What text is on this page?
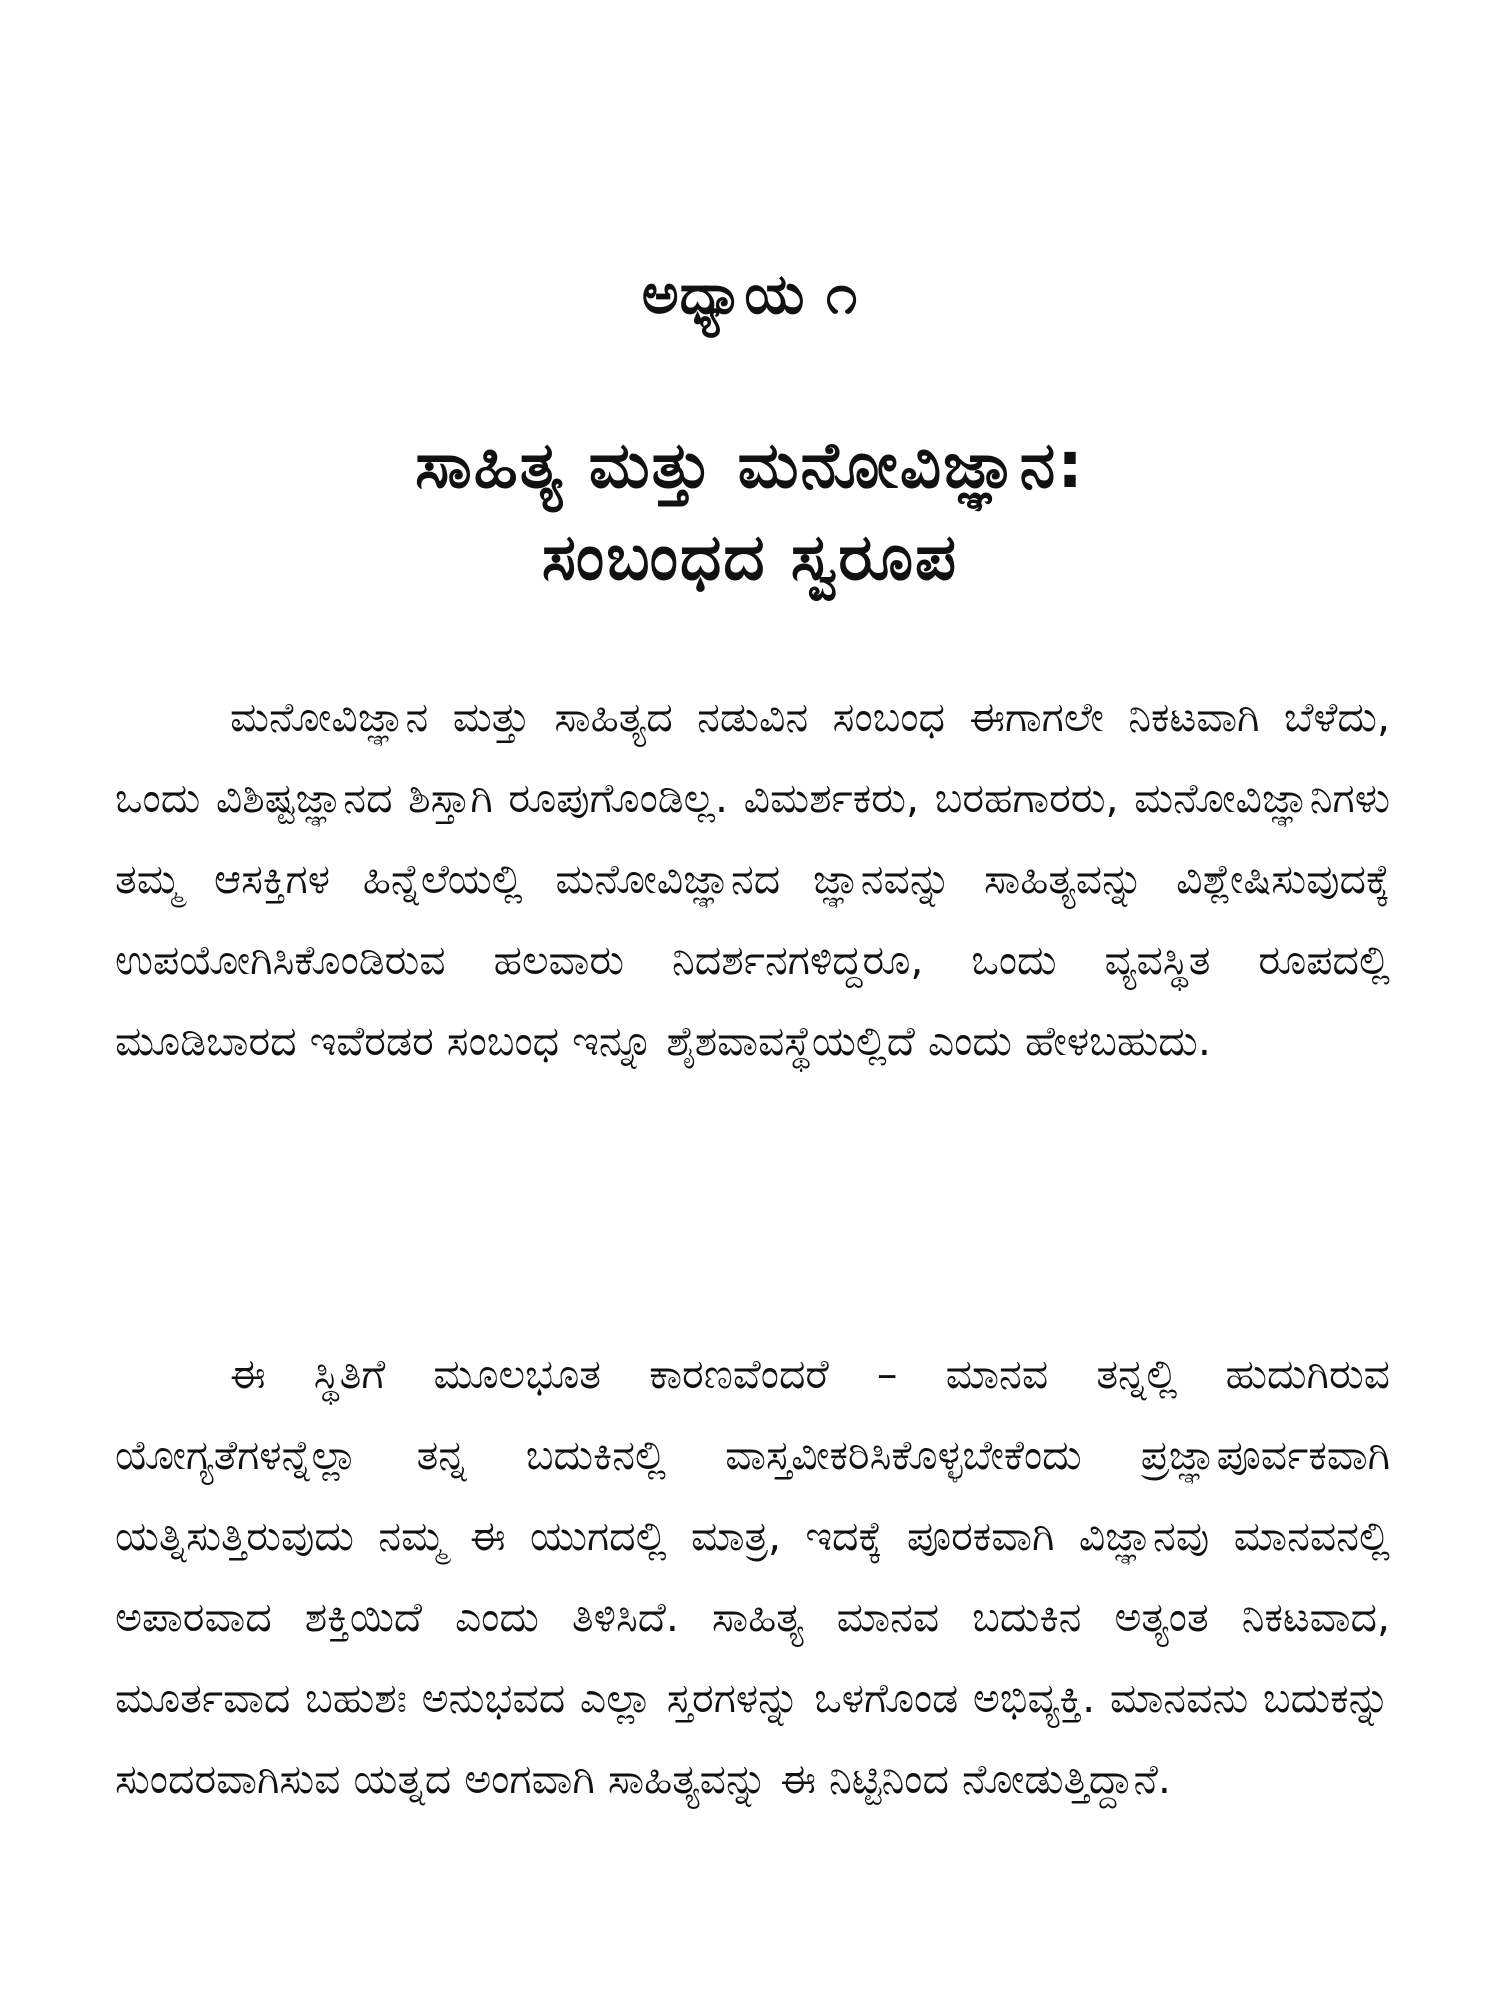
ಅಧ್ಯಾಯ ೧
ಸಾಹಿತ್ಯ ಮತ್ತು ಮನೋವಿಜ್ಞಾನ:
ಸಂಬಂಧದ ಸ್ವರೂಪ

ಮನೋವಿಜ್ಞಾನ ಮತ್ತು ಸಾಹಿತ್ಯದ ನಡುವಿನ ಸಂಬಂಧ ಈಗಾಗಲೇ ನಿಕಟವಾಗಿ ಬೆಳೆದು, ಒಂದು ವಿಶಿಷ್ಟಜ್ಞಾನದ ಶಿಸ್ತಾಗಿ ರೂಪುಗೊಂಡಿಲ್ಲ. ವಿಮರ್ಶಕರು, ಬರಹಗಾರರು, ಮನೋವಿಜ್ಞಾನಿಗಳು ತಮ್ಮ ಆಸಕ್ತಿಗಳ ಹಿನ್ನೆಲೆಯಲ್ಲಿ ಮನೋವಿಜ್ಞಾನದ ಜ್ಞಾನವನ್ನು ಸಾಹಿತ್ಯವನ್ನು ವಿಶ್ಲೇಷಿಸುವುದಕ್ಕೆ ಉಪಯೋಗಿಸಿಕೊಂಡಿರುವ ಹಲವಾರು ನಿದರ್ಶನಗಳಿದ್ದರೂ, ಒಂದು ವ್ಯವಸ್ಥಿತ ರೂಪದಲ್ಲಿ ಮೂಡಿಬಾರದ ಇವೆರಡರ ಸಂಬಂಧ ಇನ್ನೂ ಶೈಶವಾವಸ್ಥೆಯಲ್ಲಿದೆ ಎಂದು ಹೇಳಬಹುದು.

ಈ ಸ್ಥಿತಿಗೆ ಮೂಲಭೂತ ಕಾರಣವೆಂದರೆ – ಮಾನವ ತನ್ನಲ್ಲಿ ಹುದುಗಿರುವ ಯೋಗ್ಯತೆಗಳನ್ನೆಲ್ಲಾ ತನ್ನ ಬದುಕಿನಲ್ಲಿ ವಾಸ್ತವೀಕರಿಸಿಕೊಳ್ಳಬೇಕೆಂದು ಪ್ರಜ್ಞಾಪೂರ್ವಕವಾಗಿ ಯತ್ನಿಸುತ್ತಿರುವುದು ನಮ್ಮ ಈ ಯುಗದಲ್ಲಿ ಮಾತ್ರ, ಇದಕ್ಕೆ ಪೂರಕವಾಗಿ ವಿಜ್ಞಾನವು ಮಾನವನಲ್ಲಿ ಅಪಾರವಾದ ಶಕ್ತಿಯಿದೆ ಎಂದು ತಿಳಿಸಿದೆ. ಸಾಹಿತ್ಯ ಮಾನವ ಬದುಕಿನ ಅತ್ಯಂತ ನಿಕಟವಾದ, ಮೂರ್ತವಾದ ಬಹುಶಃ ಅನುಭವದ ಎಲ್ಲಾ ಸ್ತರಗಳನ್ನು ಒಳಗೊಂಡ ಅಭಿವ್ಯಕ್ತಿ. ಮಾನವನು ಬದುಕನ್ನು ಸುಂದರವಾಗಿಸುವ ಯತ್ನದ ಅಂಗವಾಗಿ ಸಾಹಿತ್ಯವನ್ನು ಈ ನಿಟ್ಟಿನಿಂದ ನೋಡುತ್ತಿದ್ದಾನೆ.
